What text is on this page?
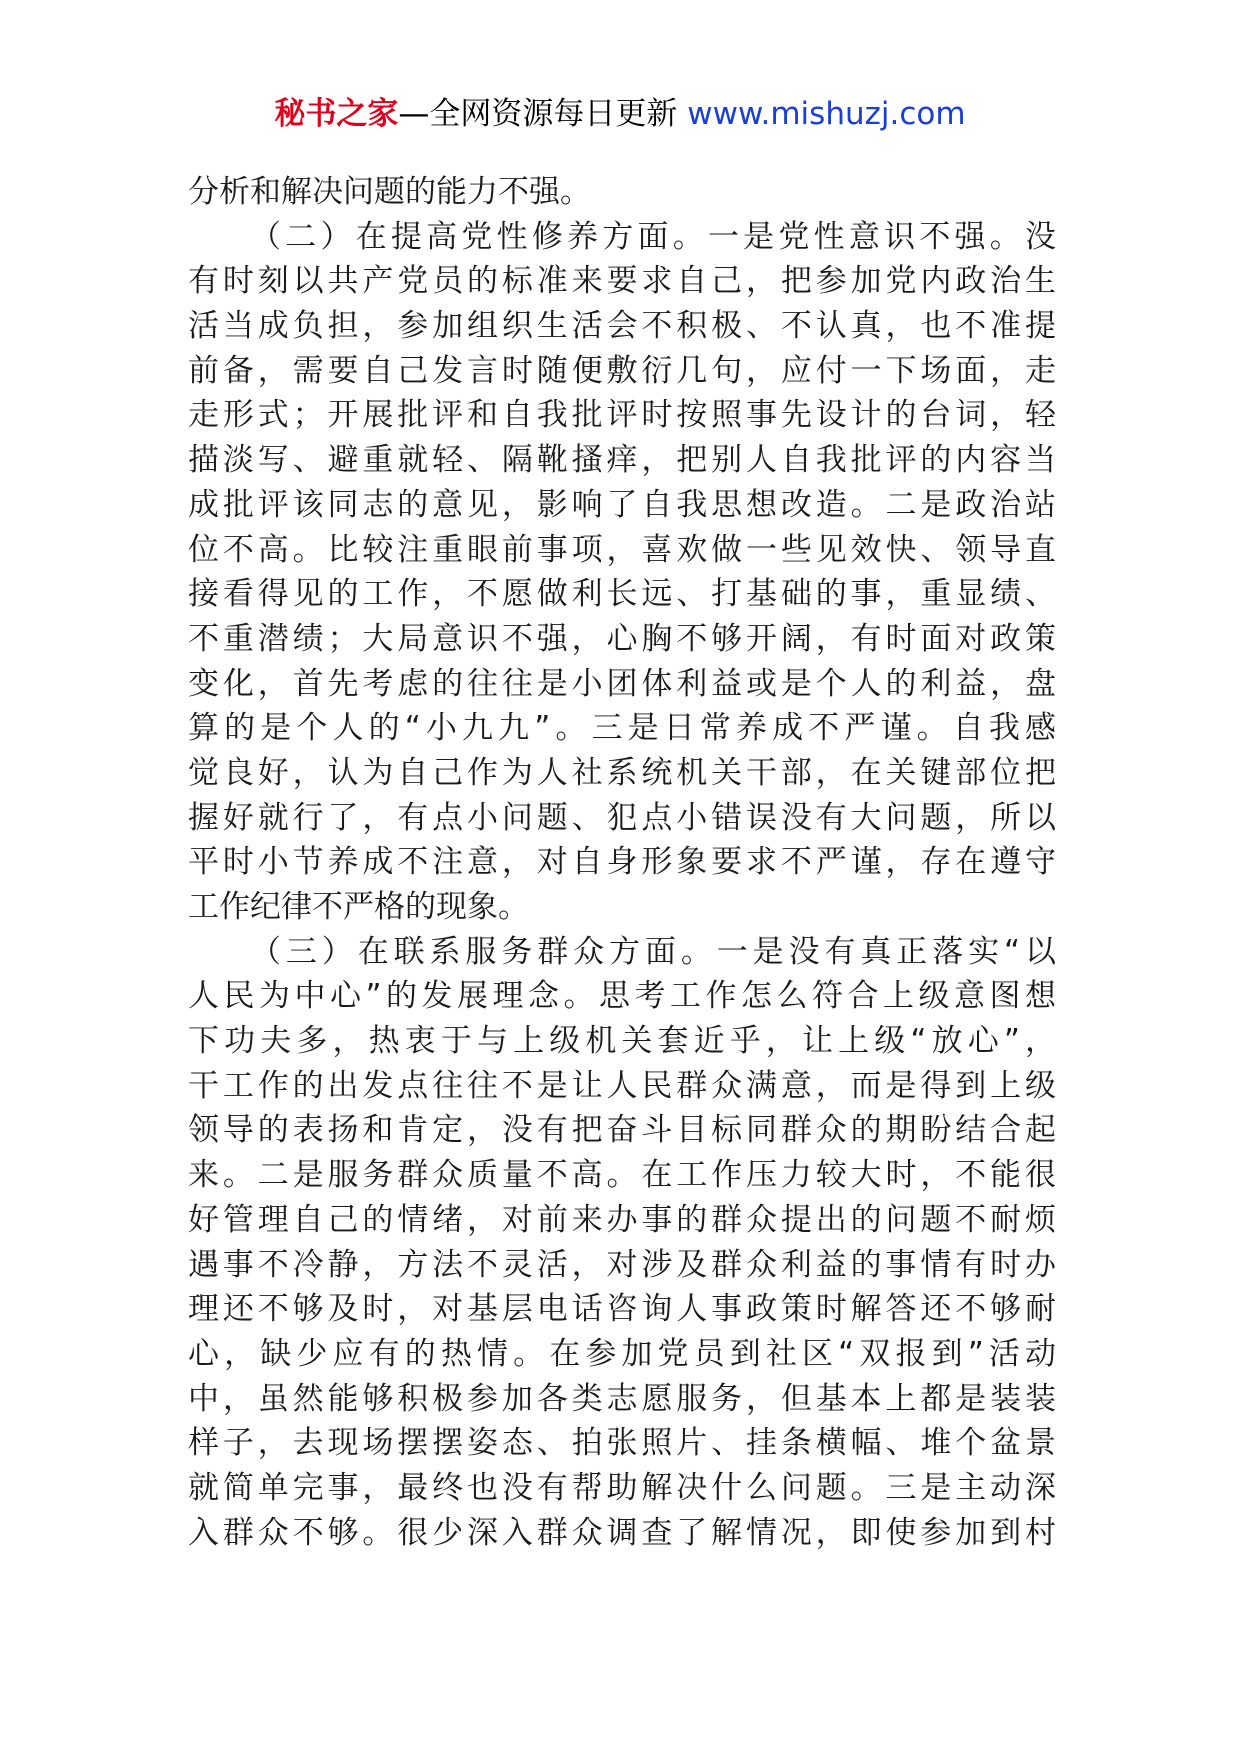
秘书之家—全网资源每日更新 www.mishuzj.com
分析和解决问题的能力不强。
（二）在提高党性修养方面。一是党性意识不强。没
有时刻以共产党员的标准来要求自己，把参加党内政治生
活当成负担，参加组织生活会不积极、不认真，也不准提
前备，需要自己发言时随便敷衍几句，应付一下场面，走
走形式；开展批评和自我批评时按照事先设计的台词，轻
描淡写、避重就轻、隔靴搔痒，把别人自我批评的内容当
成批评该同志的意见，影响了自我思想改造。二是政治站
位不高。比较注重眼前事项，喜欢做一些见效快、领导直
接看得见的工作，不愿做利长远、打基础的事，重显绩、
不重潜绩；大局意识不强，心胸不够开阔，有时面对政策
变化，首先考虑的往往是小团体利益或是个人的利益，盘
算的是个人的“小九九”。三是日常养成不严谨。自我感
觉良好，认为自己作为人社系统机关干部，在关键部位把
握好就行了，有点小问题、犯点小错误没有大问题，所以
平时小节养成不注意，对自身形象要求不严谨，存在遵守
工作纪律不严格的现象。
（三）在联系服务群众方面。一是没有真正落实“以
人民为中心”的发展理念。思考工作怎么符合上级意图想
下功夫多，热衷于与上级机关套近乎，让上级“放心”，
干工作的出发点往往不是让人民群众满意，而是得到上级
领导的表扬和肯定，没有把奋斗目标同群众的期盼结合起
来。二是服务群众质量不高。在工作压力较大时，不能很
好管理自己的情绪，对前来办事的群众提出的问题不耐烦
遇事不冷静，方法不灵活，对涉及群众利益的事情有时办
理还不够及时，对基层电话咨询人事政策时解答还不够耐
心，缺少应有的热情。在参加党员到社区“双报到”活动
中，虽然能够积极参加各类志愿服务，但基本上都是装装
样子，去现场摆摆姿态、拍张照片、挂条横幅、堆个盆景
就简单完事，最终也没有帮助解决什么问题。三是主动深
入群众不够。很少深入群众调查了解情况，即使参加到村
